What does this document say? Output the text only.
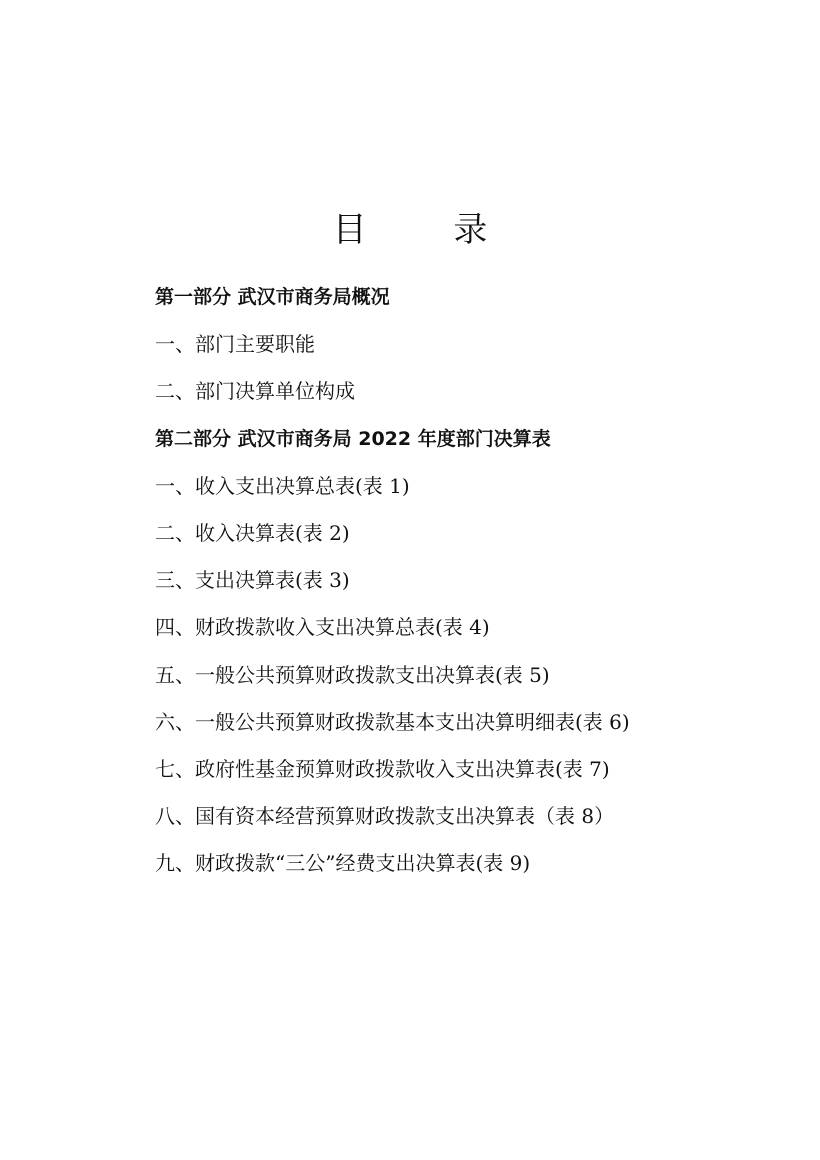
目 录
第一部分 武汉市商务局概况
一、部门主要职能
二、部门决算单位构成
第二部分 武汉市商务局 2022 年度部门决算表
一、收入支出决算总表(表 1)
二、收入决算表(表 2)
三、支出决算表(表 3)
四、财政拨款收入支出决算总表(表 4)
五、一般公共预算财政拨款支出决算表(表 5)
六、一般公共预算财政拨款基本支出决算明细表(表 6)
七、政府性基金预算财政拨款收入支出决算表(表 7)
八、国有资本经营预算财政拨款支出决算表（表 8）
九、财政拨款“三公”经费支出决算表(表 9)
